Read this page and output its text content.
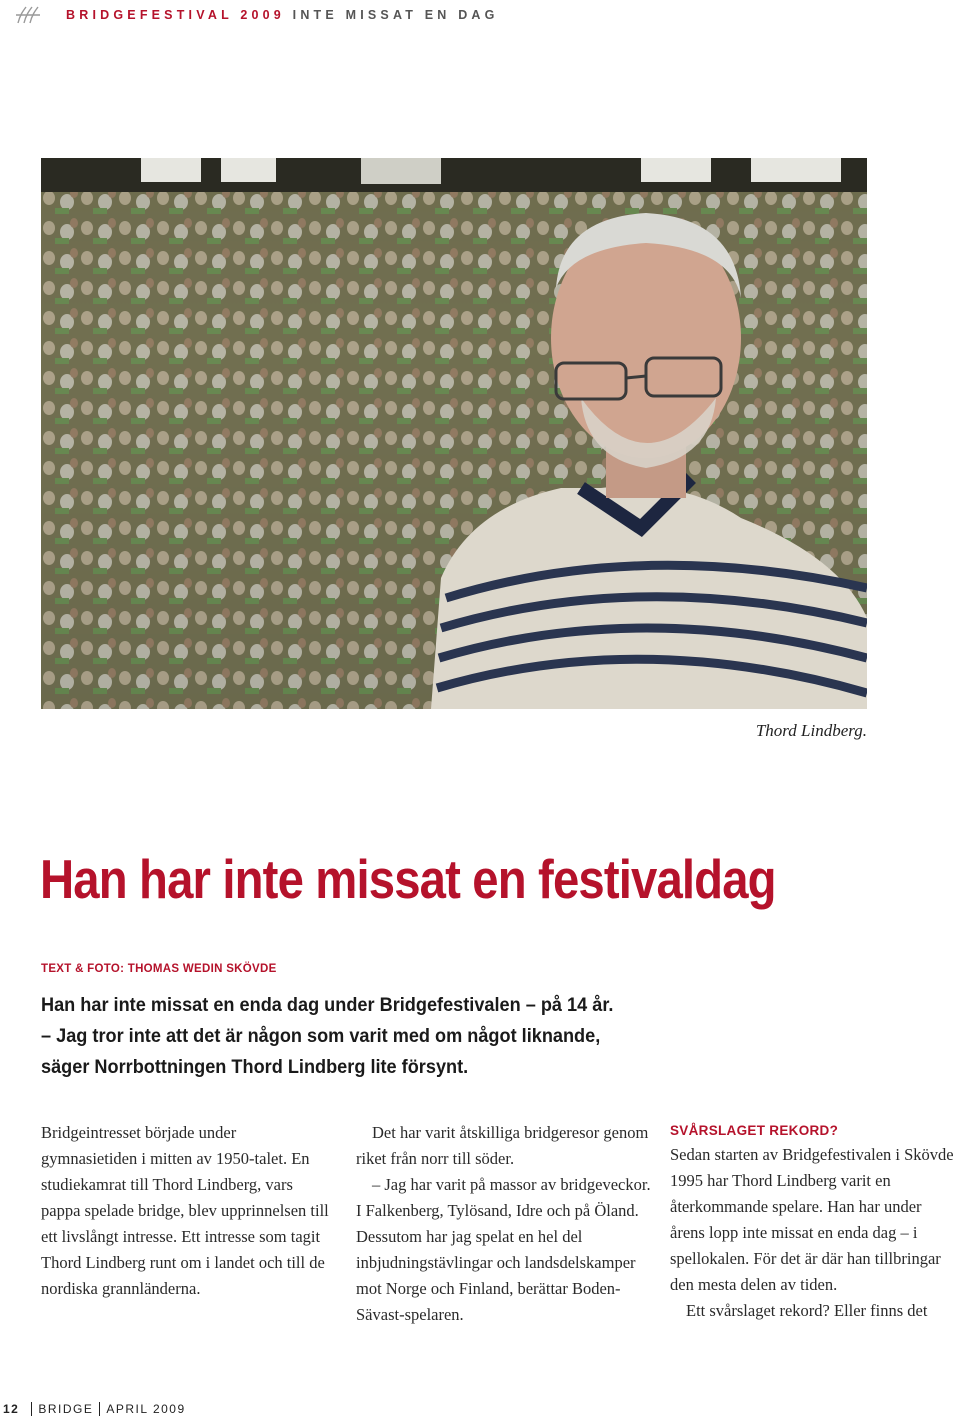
BRIDGEFESTIVAL 2009 INTE MISSAT EN DAG
Thord Lindberg.
Han har inte missat en festivaldag
TEXT & FOTO: THOMAS WEDIN SKÖVDE

Han har inte missat en enda dag under Bridgefestivalen – på 14 år.

– Jag tror inte att det är någon som varit med om något liknande,

säger Norrbottningen Thord Lindberg lite försynt.

Bridgeintresset började under gymnasietiden i mitten av 1950-talet. En studiekamrat till Thord Lindberg, vars pappa spelade bridge, blev upprinnelsen till ett livslångt intresse. Ett intresse som tagit Thord Lindberg runt om i landet och till de nordiska grannländerna.

Det har varit åtskilliga bridgeresor genom riket från norr till söder.

– Jag har varit på massor av bridgeveckor. I Falkenberg, Tylösand, Idre och på Öland. Dessutom har jag spelat en hel del inbjudningstävlingar och landsdelskamper mot Norge och Finland, berättar Boden-Sävast-spelaren.

SVÅRSLAGET REKORD?

Sedan starten av Bridgefestivalen i Skövde 1995 har Thord Lindberg varit en återkommande spelare. Han har under årens lopp inte missat en enda dag – i spellokalen. För det är där han tillbringar den mesta delen av tiden.

Ett svårslaget rekord? Eller finns det

12 BRIDGE APRIL 2009
